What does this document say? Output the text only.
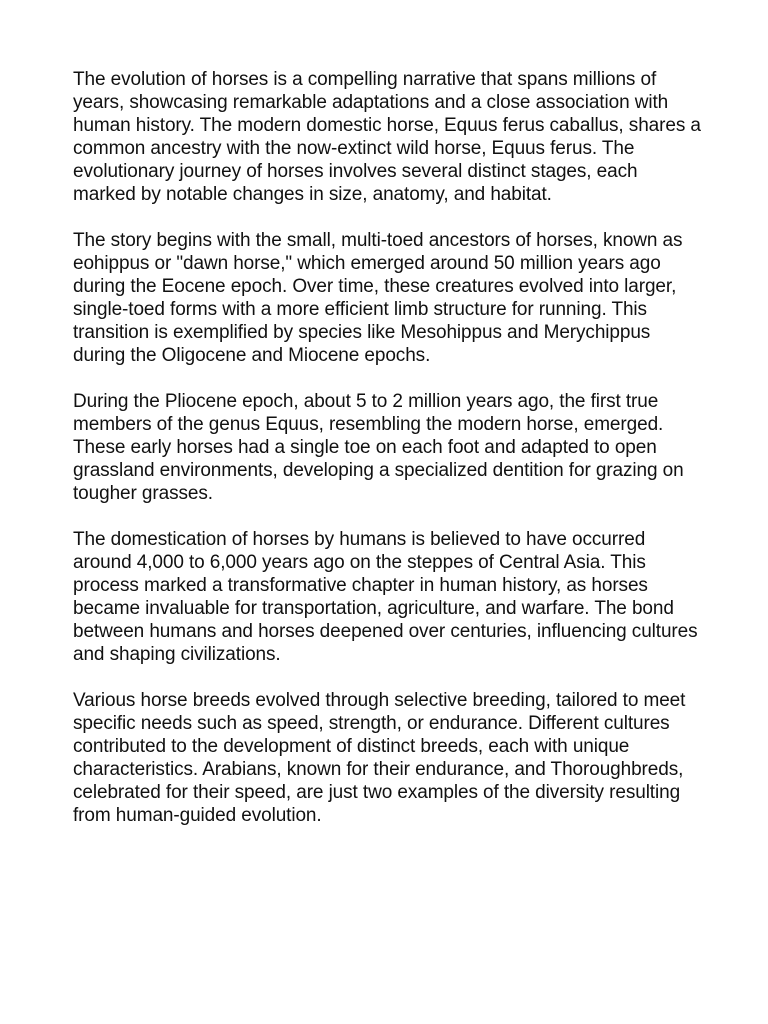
The evolution of horses is a compelling narrative that spans millions of years, showcasing remarkable adaptations and a close association with human history. The modern domestic horse, Equus ferus caballus, shares a common ancestry with the now-extinct wild horse, Equus ferus. The evolutionary journey of horses involves several distinct stages, each marked by notable changes in size, anatomy, and habitat.

The story begins with the small, multi-toed ancestors of horses, known as eohippus or "dawn horse," which emerged around 50 million years ago during the Eocene epoch. Over time, these creatures evolved into larger, single-toed forms with a more efficient limb structure for running. This transition is exemplified by species like Mesohippus and Merychippus during the Oligocene and Miocene epochs.

During the Pliocene epoch, about 5 to 2 million years ago, the first true members of the genus Equus, resembling the modern horse, emerged. These early horses had a single toe on each foot and adapted to open grassland environments, developing a specialized dentition for grazing on tougher grasses.

The domestication of horses by humans is believed to have occurred around 4,000 to 6,000 years ago on the steppes of Central Asia. This process marked a transformative chapter in human history, as horses became invaluable for transportation, agriculture, and warfare. The bond between humans and horses deepened over centuries, influencing cultures and shaping civilizations.

Various horse breeds evolved through selective breeding, tailored to meet specific needs such as speed, strength, or endurance. Different cultures contributed to the development of distinct breeds, each with unique characteristics. Arabians, known for their endurance, and Thoroughbreds, celebrated for their speed, are just two examples of the diversity resulting from human-guided evolution.
